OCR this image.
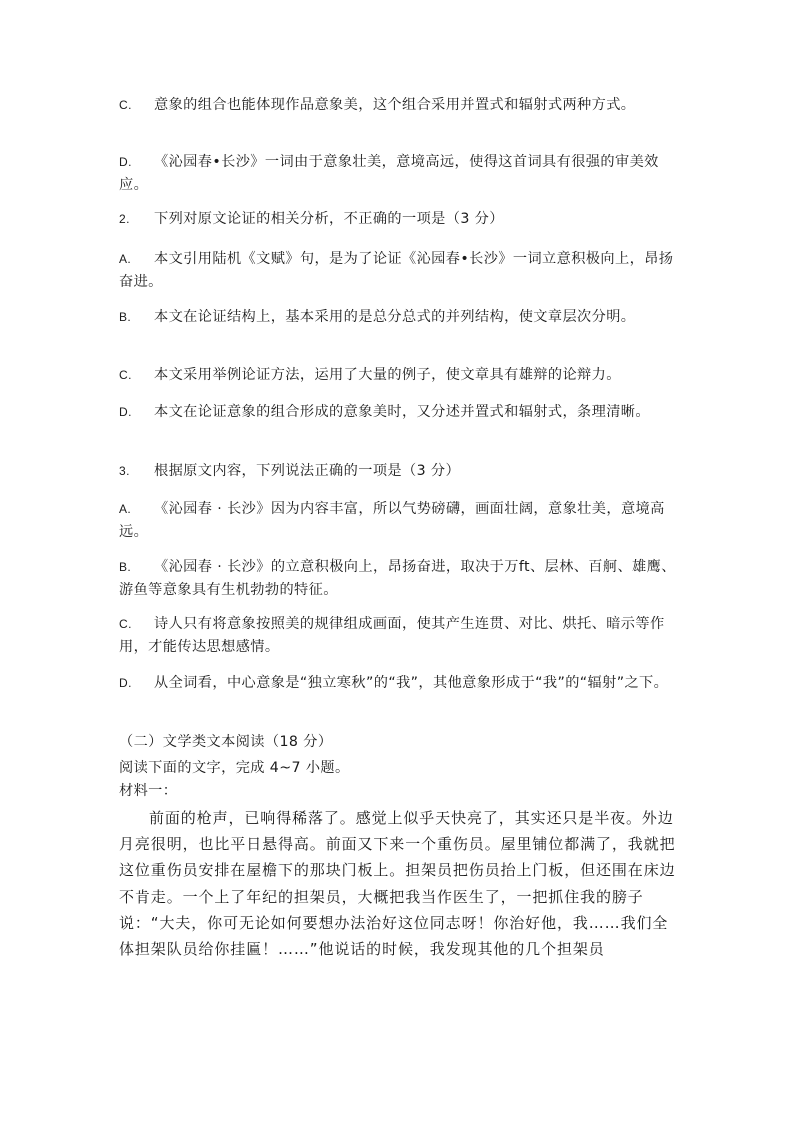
C. 意象的组合也能体现作品意象美，这个组合采用并置式和辐射式两种方式。
D. 《沁园春•长沙》一词由于意象壮美，意境高远，使得这首词具有很强的审美效应。
2. 下列对原文论证的相关分析，不正确的一项是（3 分）
A. 本文引用陆机《文赋》句，是为了论证《沁园春•长沙》一词立意积极向上，昂扬奋进。
B. 本文在论证结构上，基本采用的是总分总式的并列结构，使文章层次分明。
C. 本文采用举例论证方法，运用了大量的例子，使文章具有雄辩的论辩力。
D. 本文在论证意象的组合形成的意象美时，又分述并置式和辐射式，条理清晰。
3. 根据原文内容，下列说法正确的一项是（3 分）
A. 《沁园春 · 长沙》因为内容丰富，所以气势磅礴，画面壮阔，意象壮美，意境高远。
B. 《沁园春 · 长沙》的立意积极向上，昂扬奋进，取决于万ft、层林、百舸、雄鹰、游鱼等意象具有生机勃勃的特征。
C. 诗人只有将意象按照美的规律组成画面，使其产生连贯、对比、烘托、暗示等作用，才能传达思想感情。
D. 从全词看，中心意象是“独立寒秋”的“我”，其他意象形成于“我”的“辐射”之下。
（二）文学类文本阅读（18 分）
阅读下面的文字，完成 4~7 小题。
材料一：
前面的枪声，已响得稀落了。感觉上似乎天快亮了，其实还只是半夜。外边月亮很明，也比平日悬得高。前面又下来一个重伤员。屋里铺位都满了，我就把这位重伤员安排在屋檐下的那块门板上。担架员把伤员抬上门板，但还围在床边不肯走。一个上了年纪的担架员，大概把我当作医生了，一把抓住我的膀子说：“大夫，你可无论如何要想办法治好这位同志呀！你治好他，我……我们全体担架队员给你挂匾！……”他说话的时候，我发现其他的几个担架员
